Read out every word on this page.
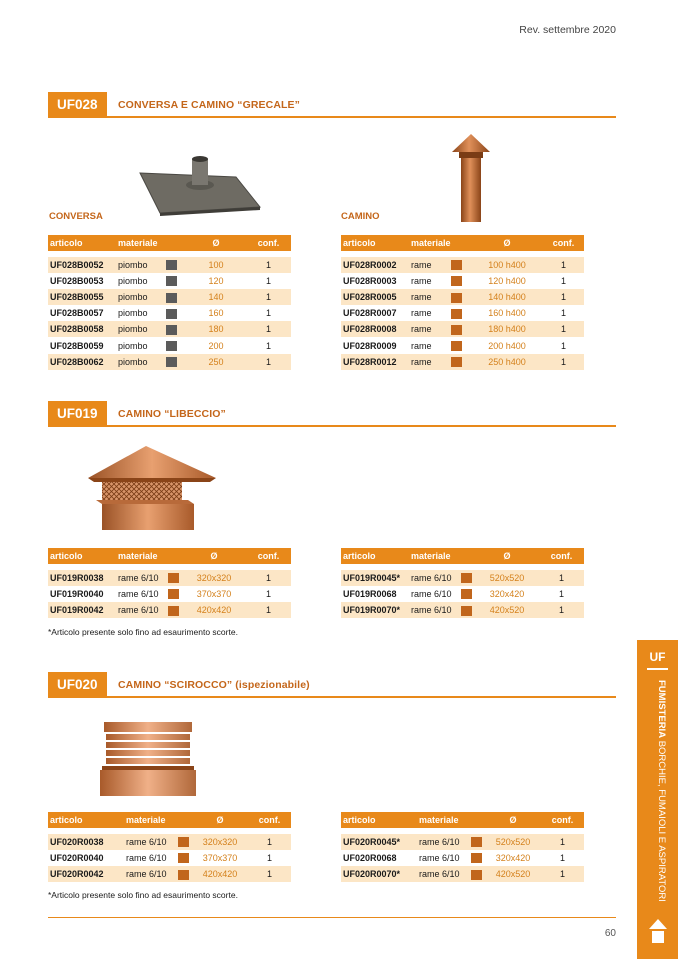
Rev. settembre 2020
UF028	CONVERSA E CAMINO “GRECALE”
CONVERSA	CAMINO
articolo	materiale		Ø	conf.

UF028B0052	piombo		100	1
UF028B0053	piombo		120	1
UF028B0055	piombo		140	1
UF028B0057	piombo		160	1
UF028B0058	piombo		180	1
UF028B0059	piombo		200	1
UF028B0062	piombo		250	1
articolo	materiale		Ø	conf.

UF028R0002	rame		100 h400	1
UF028R0003	rame		120 h400	1
UF028R0005	rame		140 h400	1
UF028R0007	rame		160 h400	1
UF028R0008	rame		180 h400	1
UF028R0009	rame		200 h400	1
UF028R0012	rame		250 h400	1
UF019	CAMINO “LIBECCIO”
articolo	materiale		Ø	conf.

UF019R0038	rame 6/10		320x320	1
UF019R0040	rame 6/10		370x370	1
UF019R0042	rame 6/10		420x420	1
articolo	materiale		Ø	conf.

UF019R0045*	rame 6/10		520x520	1
UF019R0068	rame 6/10		320x420	1
UF019R0070*	rame 6/10		420x520	1
*Articolo presente solo fino ad esaurimento scorte.
UF020	CAMINO “SCIROCCO” (ispezionabile)
articolo	materiale		Ø	conf.

UF020R0038	rame 6/10		320x320	1
UF020R0040	rame 6/10		370x370	1
UF020R0042	rame 6/10		420x420	1
articolo	materiale		Ø	conf.

UF020R0045*	rame 6/10		520x520	1
UF020R0068	rame 6/10		320x420	1
UF020R0070*	rame 6/10		420x520	1
*Articolo presente solo fino ad esaurimento scorte.
60
UF
FUMISTERIA BORCHIE, FUMAIOLI E ASPIRATORI
